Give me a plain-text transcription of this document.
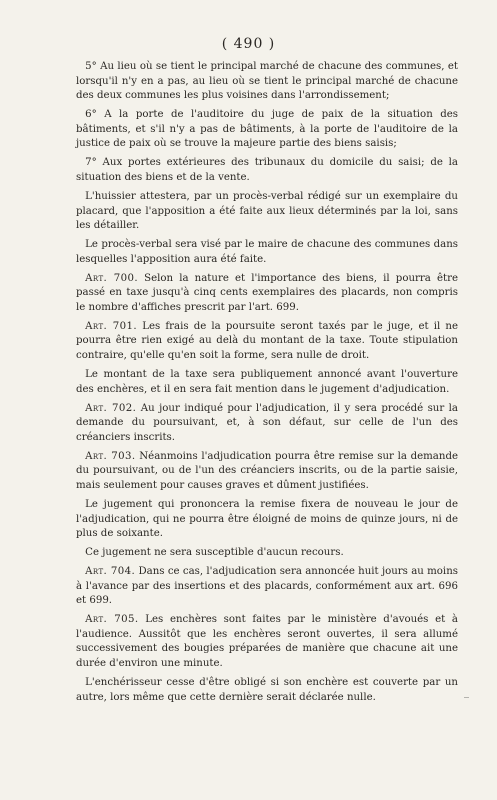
( 490 )

5° Au lieu où se tient le principal marché de chacune des communes, et lorsqu'il n'y en a pas, au lieu où se tient le principal marché de chacune des deux communes les plus voisines dans l'arrondissement;

6° A la porte de l'auditoire du juge de paix de la situation des bâtiments, et s'il n'y a pas de bâtiments, à la porte de l'auditoire de la justice de paix où se trouve la majeure partie des biens saisis;

7° Aux portes extérieures des tribunaux du domicile du saisi; de la situation des biens et de la vente.

L'huissier attestera, par un procès-verbal rédigé sur un exemplaire du placard, que l'apposition a été faite aux lieux déterminés par la loi, sans les détailler.

Le procès-verbal sera visé par le maire de chacune des communes dans lesquelles l'apposition aura été faite.

Art. 700. Selon la nature et l'importance des biens, il pourra être passé en taxe jusqu'à cinq cents exemplaires des placards, non compris le nombre d'affiches prescrit par l'art. 699.

Art. 701. Les frais de la poursuite seront taxés par le juge, et il ne pourra être rien exigé au delà du montant de la taxe. Toute stipulation contraire, qu'elle qu'en soit la forme, sera nulle de droit.

Le montant de la taxe sera publiquement annoncé avant l'ouverture des enchères, et il en sera fait mention dans le jugement d'adjudication.

Art. 702. Au jour indiqué pour l'adjudication, il y sera procédé sur la demande du poursuivant, et, à son défaut, sur celle de l'un des créanciers inscrits.

Art. 703. Néanmoins l'adjudication pourra être remise sur la demande du poursuivant, ou de l'un des créanciers inscrits, ou de la partie saisie, mais seulement pour causes graves et dûment justifiées.

Le jugement qui prononcera la remise fixera de nouveau le jour de l'adjudication, qui ne pourra être éloigné de moins de quinze jours, ni de plus de soixante.

Ce jugement ne sera susceptible d'aucun recours.

Art. 704. Dans ce cas, l'adjudication sera annoncée huit jours au moins à l'avance par des insertions et des placards, conformément aux art. 696 et 699.

Art. 705. Les enchères sont faites par le ministère d'avoués et à l'audience. Aussitôt que les enchères seront ouvertes, il sera allumé successivement des bougies préparées de manière que chacune ait une durée d'environ une minute.

L'enchérisseur cesse d'être obligé si son enchère est couverte par un autre, lors même que cette dernière serait déclarée nulle.	_
